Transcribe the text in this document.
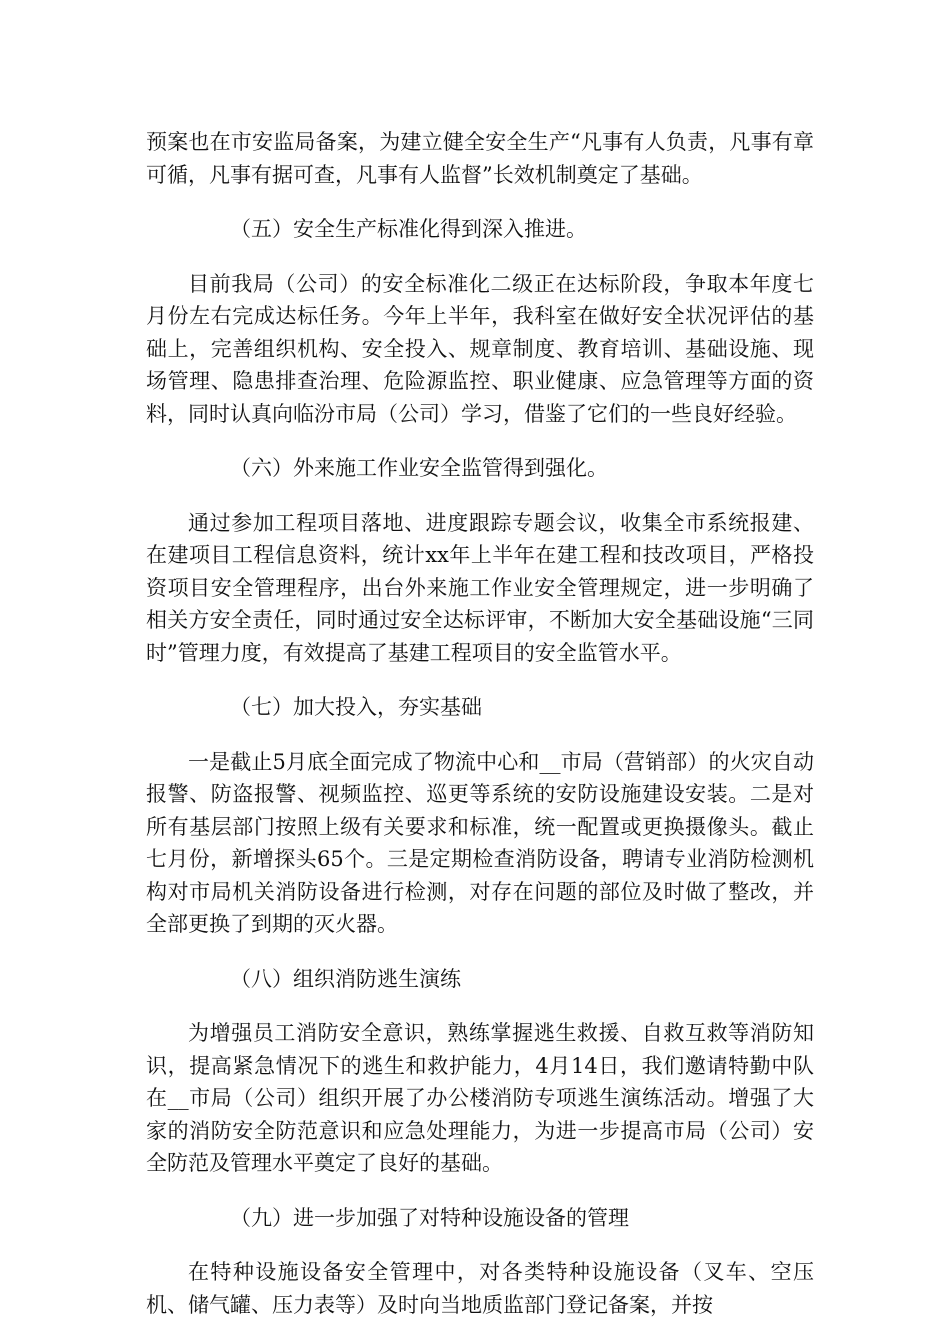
预案也在市安监局备案，为建立健全安全生产“凡事有人负责，凡事有章可循，凡事有据可查，凡事有人监督”长效机制奠定了基础。

（五）安全生产标准化得到深入推进。

目前我局（公司）的安全标准化二级正在达标阶段，争取本年度七月份左右完成达标任务。今年上半年，我科室在做好安全状况评估的基础上，完善组织机构、安全投入、规章制度、教育培训、基础设施、现场管理、隐患排查治理、危险源监控、职业健康、应急管理等方面的资料，同时认真向临汾市局（公司）学习，借鉴了它们的一些良好经验。

（六）外来施工作业安全监管得到强化。

通过参加工程项目落地、进度跟踪专题会议，收集全市系统报建、在建项目工程信息资料，统计xx年上半年在建工程和技改项目，严格投资项目安全管理程序，出台外来施工作业安全管理规定，进一步明确了相关方安全责任，同时通过安全达标评审，不断加大安全基础设施“三同时”管理力度，有效提高了基建工程项目的安全监管水平。

（七）加大投入，夯实基础

一是截止5月底全面完成了物流中心和__市局（营销部）的火灾自动报警、防盗报警、视频监控、巡更等系统的安防设施建设安装。二是对所有基层部门按照上级有关要求和标准，统一配置或更换摄像头。截止七月份，新增探头65个。三是定期检查消防设备，聘请专业消防检测机构对市局机关消防设备进行检测，对存在问题的部位及时做了整改，并全部更换了到期的灭火器。

（八）组织消防逃生演练

为增强员工消防安全意识，熟练掌握逃生救援、自救互救等消防知识，提高紧急情况下的逃生和救护能力，4月14日，我们邀请特勤中队在__市局（公司）组织开展了办公楼消防专项逃生演练活动。增强了大家的消防安全防范意识和应急处理能力，为进一步提高市局（公司）安全防范及管理水平奠定了良好的基础。

（九）进一步加强了对特种设施设备的管理

在特种设施设备安全管理中，对各类特种设施设备（叉车、空压机、储气罐、压力表等）及时向当地质监部门登记备案，并按
